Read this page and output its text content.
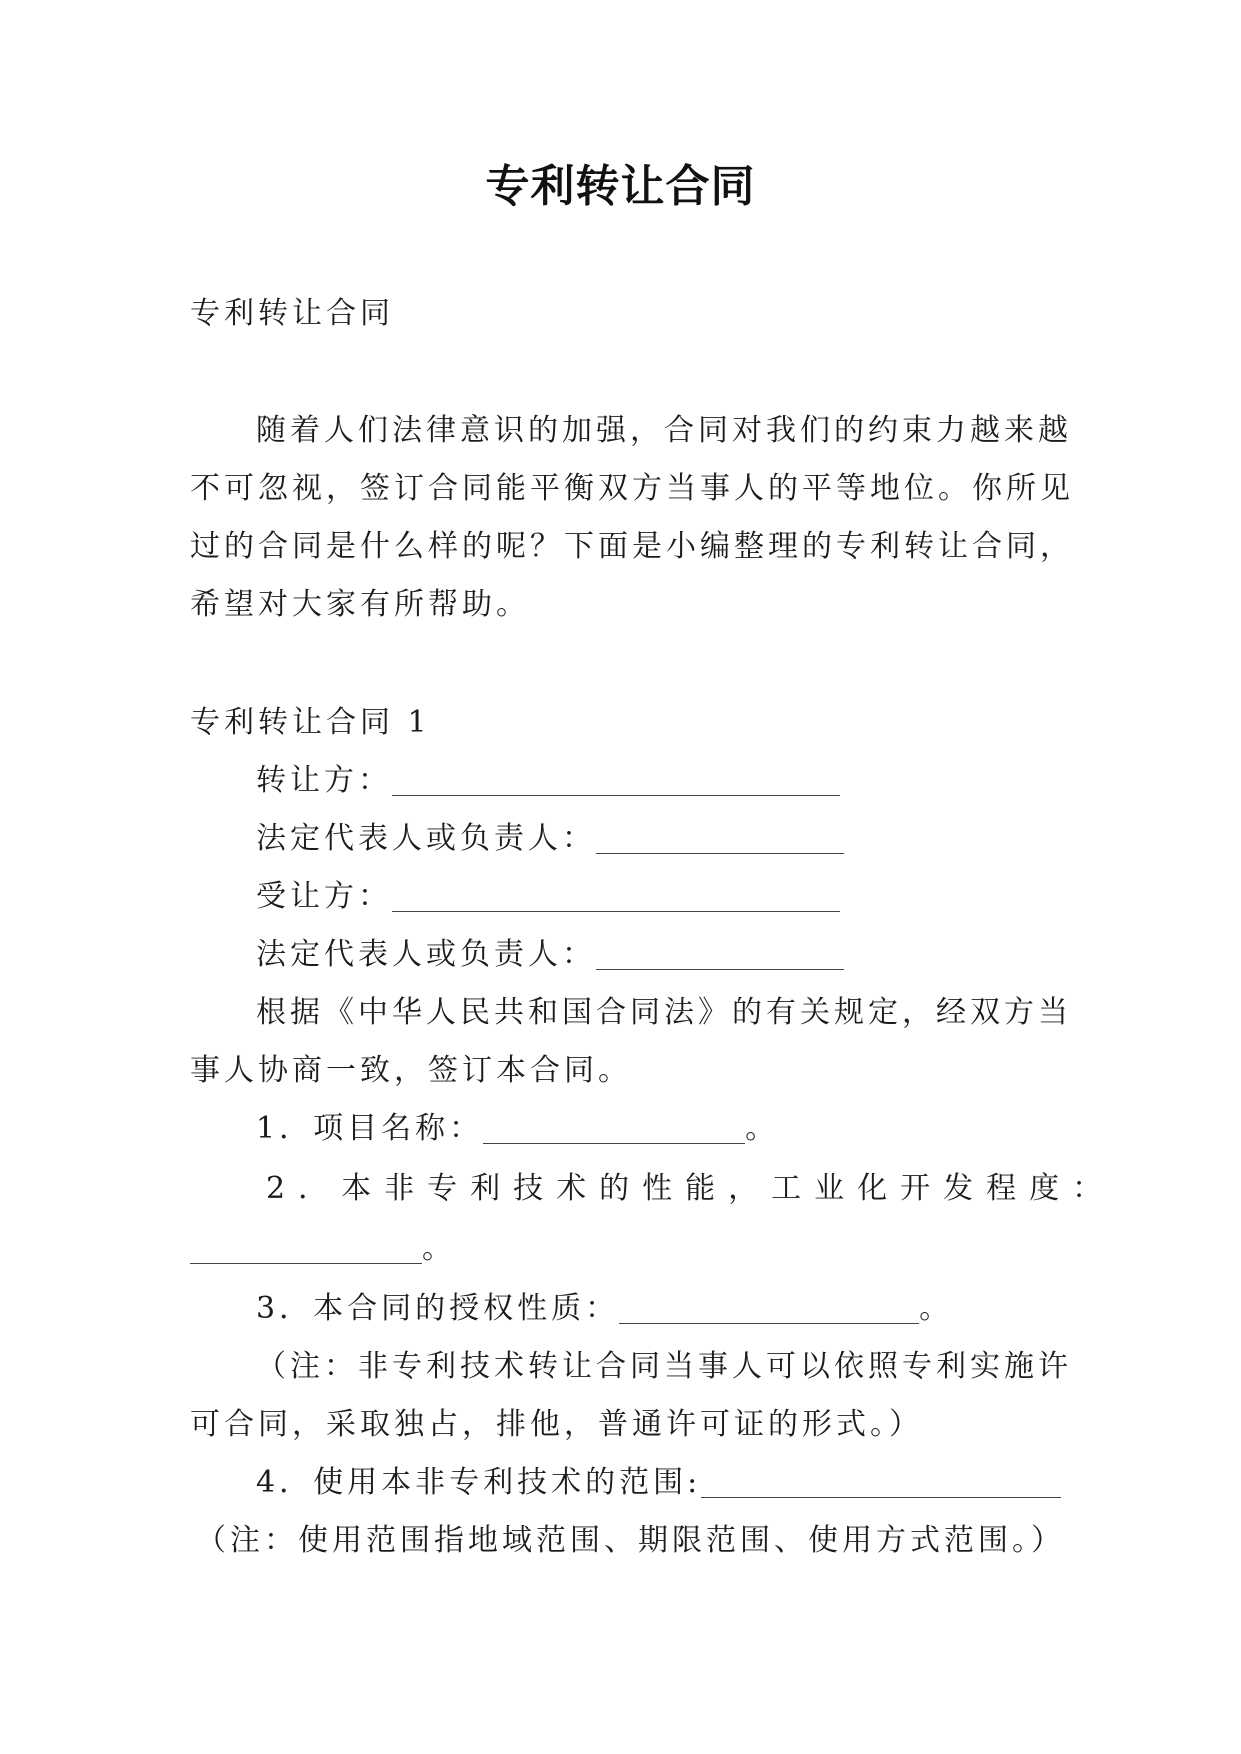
专利转让合同
专利转让合同
随着人们法律意识的加强，合同对我们的约束力越来越
不可忽视，签订合同能平衡双方当事人的平等地位。你所见
过的合同是什么样的呢？下面是小编整理的专利转让合同，
希望对大家有所帮助。
专利转让合同 1
转让方：
法定代表人或负责人：
受让方：
法定代表人或负责人：
根据《中华人民共和国合同法》的有关规定，经双方当
事人协商一致，签订本合同。
1．项目名称：	。
2．本非专利技术的性能，工业化开发程度：
。
3．本合同的授权性质：	。
（注：非专利技术转让合同当事人可以依照专利实施许
可合同，采取独占，排他，普通许可证的形式。）
4．使用本非专利技术的范围:
（注：使用范围指地域范围、期限范围、使用方式范围。）
